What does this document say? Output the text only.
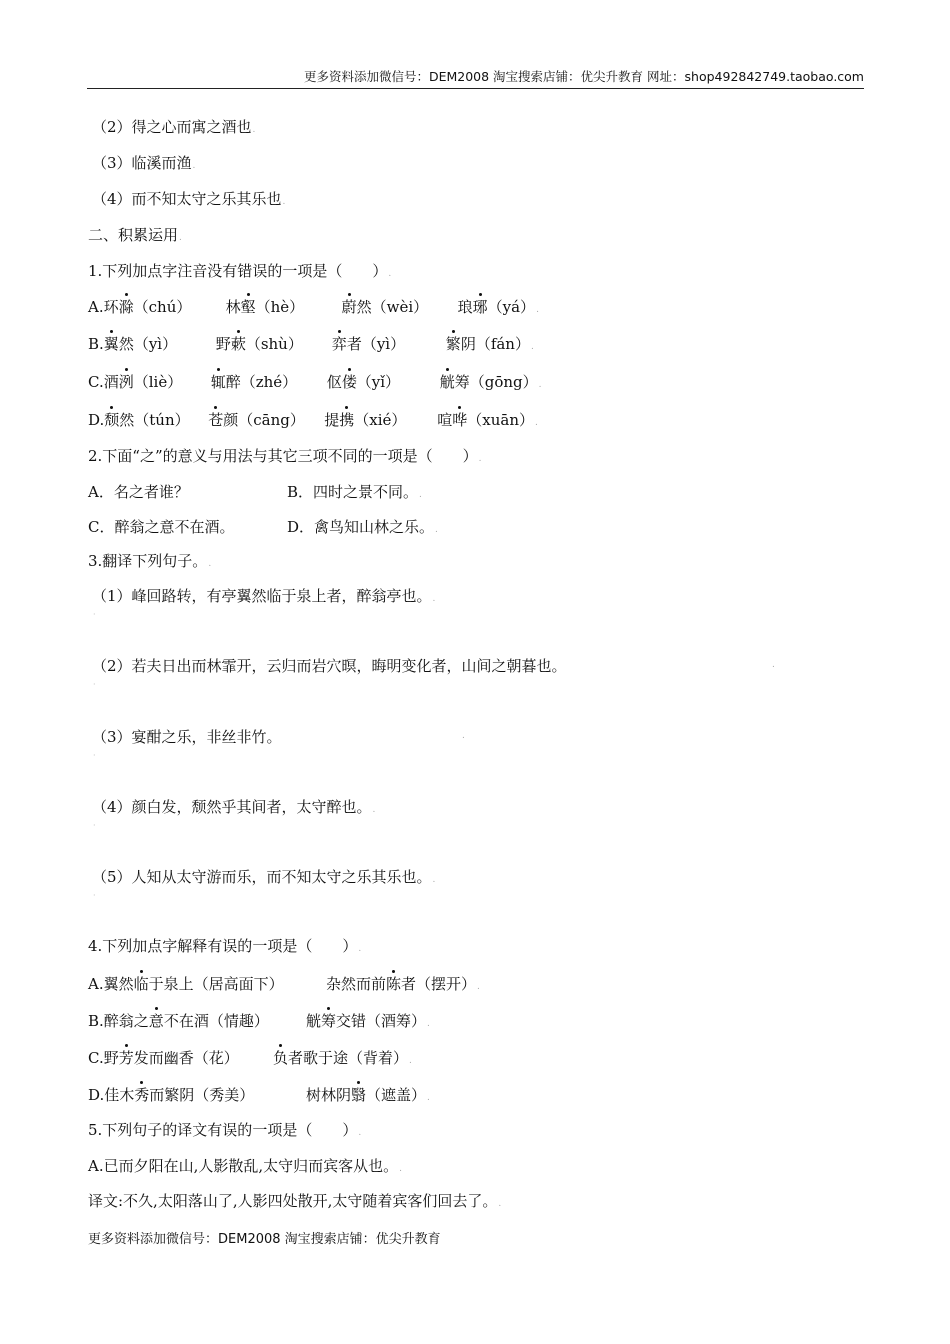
更多资料添加微信号：DEM2008 淘宝搜索店铺：优尖升教育 网址：shop492842749.taobao.com
（2）得之心而寓之酒也.
（3）临溪而渔.
（4）而不知太守之乐其乐也.
二、积累运用.
1.下列加点字注音没有错误的一项是（　　）.
A.环滁（chú） 林壑（hè） 蔚然（wèi） 琅琊（yá）.
B.翼然（yì）	野蔌（shù） 弈者（yì）	繁阴（fán）.
C.酒洌（liè） 辄醉（zhé） 伛偻（yǐ）	觥筹（gōng）.
D.颓然（tún） 苍颜（cāng） 提携（xié） 喧哗（xuān）.
2.下面“之”的意义与用法与其它三项不同的一项是（　　）.
A．名之者谁？	B．四时之景不同。.
C．醉翁之意不在酒。	D．禽鸟知山林之乐。.
3.翻译下列句子。.
（1）峰回路转，有亭翼然临于泉上者，醉翁亭也。.
·
（2）若夫日出而林霏开，云归而岩穴暝，晦明变化者，山间之朝暮也。	.
·
（3）宴酣之乐，非丝非竹。	.
·
（4）颜白发，颓然乎其间者，太守醉也。.
·
（5）人知从太守游而乐，而不知太守之乐其乐也。.
·
4.下列加点字解释有误的一项是（　　）.
A.翼然临于泉上（居高面下）	杂然而前陈者（摆开）.
B.醉翁之意不在酒（情趣） 觥筹交错（酒筹）.
C.野芳发而幽香（花） 负者歌于途（背着）.
D.佳木秀而繁阴（秀美）	树林阴翳（遮盖）.
5.下列句子的译文有误的一项是（　　）.
A.已而夕阳在山,人影散乱,太守归而宾客从也。.
译文:不久,太阳落山了,人影四处散开,太守随着宾客们回去了。.
更多资料添加微信号：DEM2008 淘宝搜索店铺：优尖升教育
